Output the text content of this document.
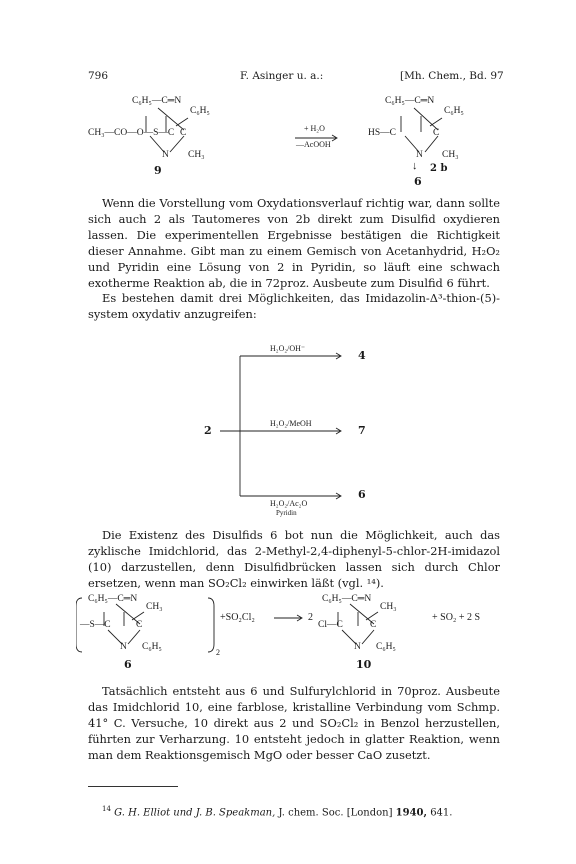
796	F. Asinger u. a.:	[Mh. Chem., Bd. 97
C₆H₅—C═N
C₆H₅
CH₃—CO—O—S—C C
N CH₃
9
+ H₂O
—AcOOH
C₆H₅—C═N
C₆H₅
HS—C	C
N CH₃
2 b
↓
6
Wenn die Vorstellung vom Oxydationsverlauf richtig war, dann sollte sich auch 2 als Tautomeres von 2b direkt zum Disulfid oxydieren lassen. Die experimentellen Ergebnisse bestätigen die Richtigkeit dieser Annahme. Gibt man zu einem Gemisch von Acetanhydrid, H₂O₂ und Pyridin eine Lösung von 2 in Pyridin, so läuft eine schwach exotherme Reaktion ab, die in 72proz. Ausbeute zum Disulfid 6 führt.
Es bestehen damit drei Möglichkeiten, das Imidazolin-Δ³-thion-(5)-system oxydativ anzugreifen:
H₂O₂/OH⁻
4
2
H₂O₂/MeOH
7
H₂O₂/Ac₂O
Pyridin
6
Die Existenz des Disulfids 6 bot nun die Möglichkeit, auch das zyklische Imidchlorid, das 2-Methyl-2,4-diphenyl-5-chlor-2H-imidazol (10) darzustellen, denn Disulfidbrücken lassen sich durch Chlor ersetzen, wenn man SO₂Cl₂ einwirken läßt (vgl. ¹⁴).
C₆H₅—C═N
CH₃
—S—C	C
N C₆H₅
2
6
+SO₂Cl₂	2
C₆H₅—C═N
CH₃
Cl—C	C
N C₆H₅
10
+ SO₂ + 2 S
Tatsächlich entsteht aus 6 und Sulfurylchlorid in 70proz. Ausbeute das Imidchlorid 10, eine farblose, kristalline Verbindung vom Schmp. 41° C. Versuche, 10 direkt aus 2 und SO₂Cl₂ in Benzol herzustellen, führten zur Verharzung. 10 entsteht jedoch in glatter Reaktion, wenn man dem Reaktionsgemisch MgO oder besser CaO zusetzt.
$^{14}$ G. H. Elliot und J. B. Speakman, J. chem. Soc. [London] 1940, 641.
